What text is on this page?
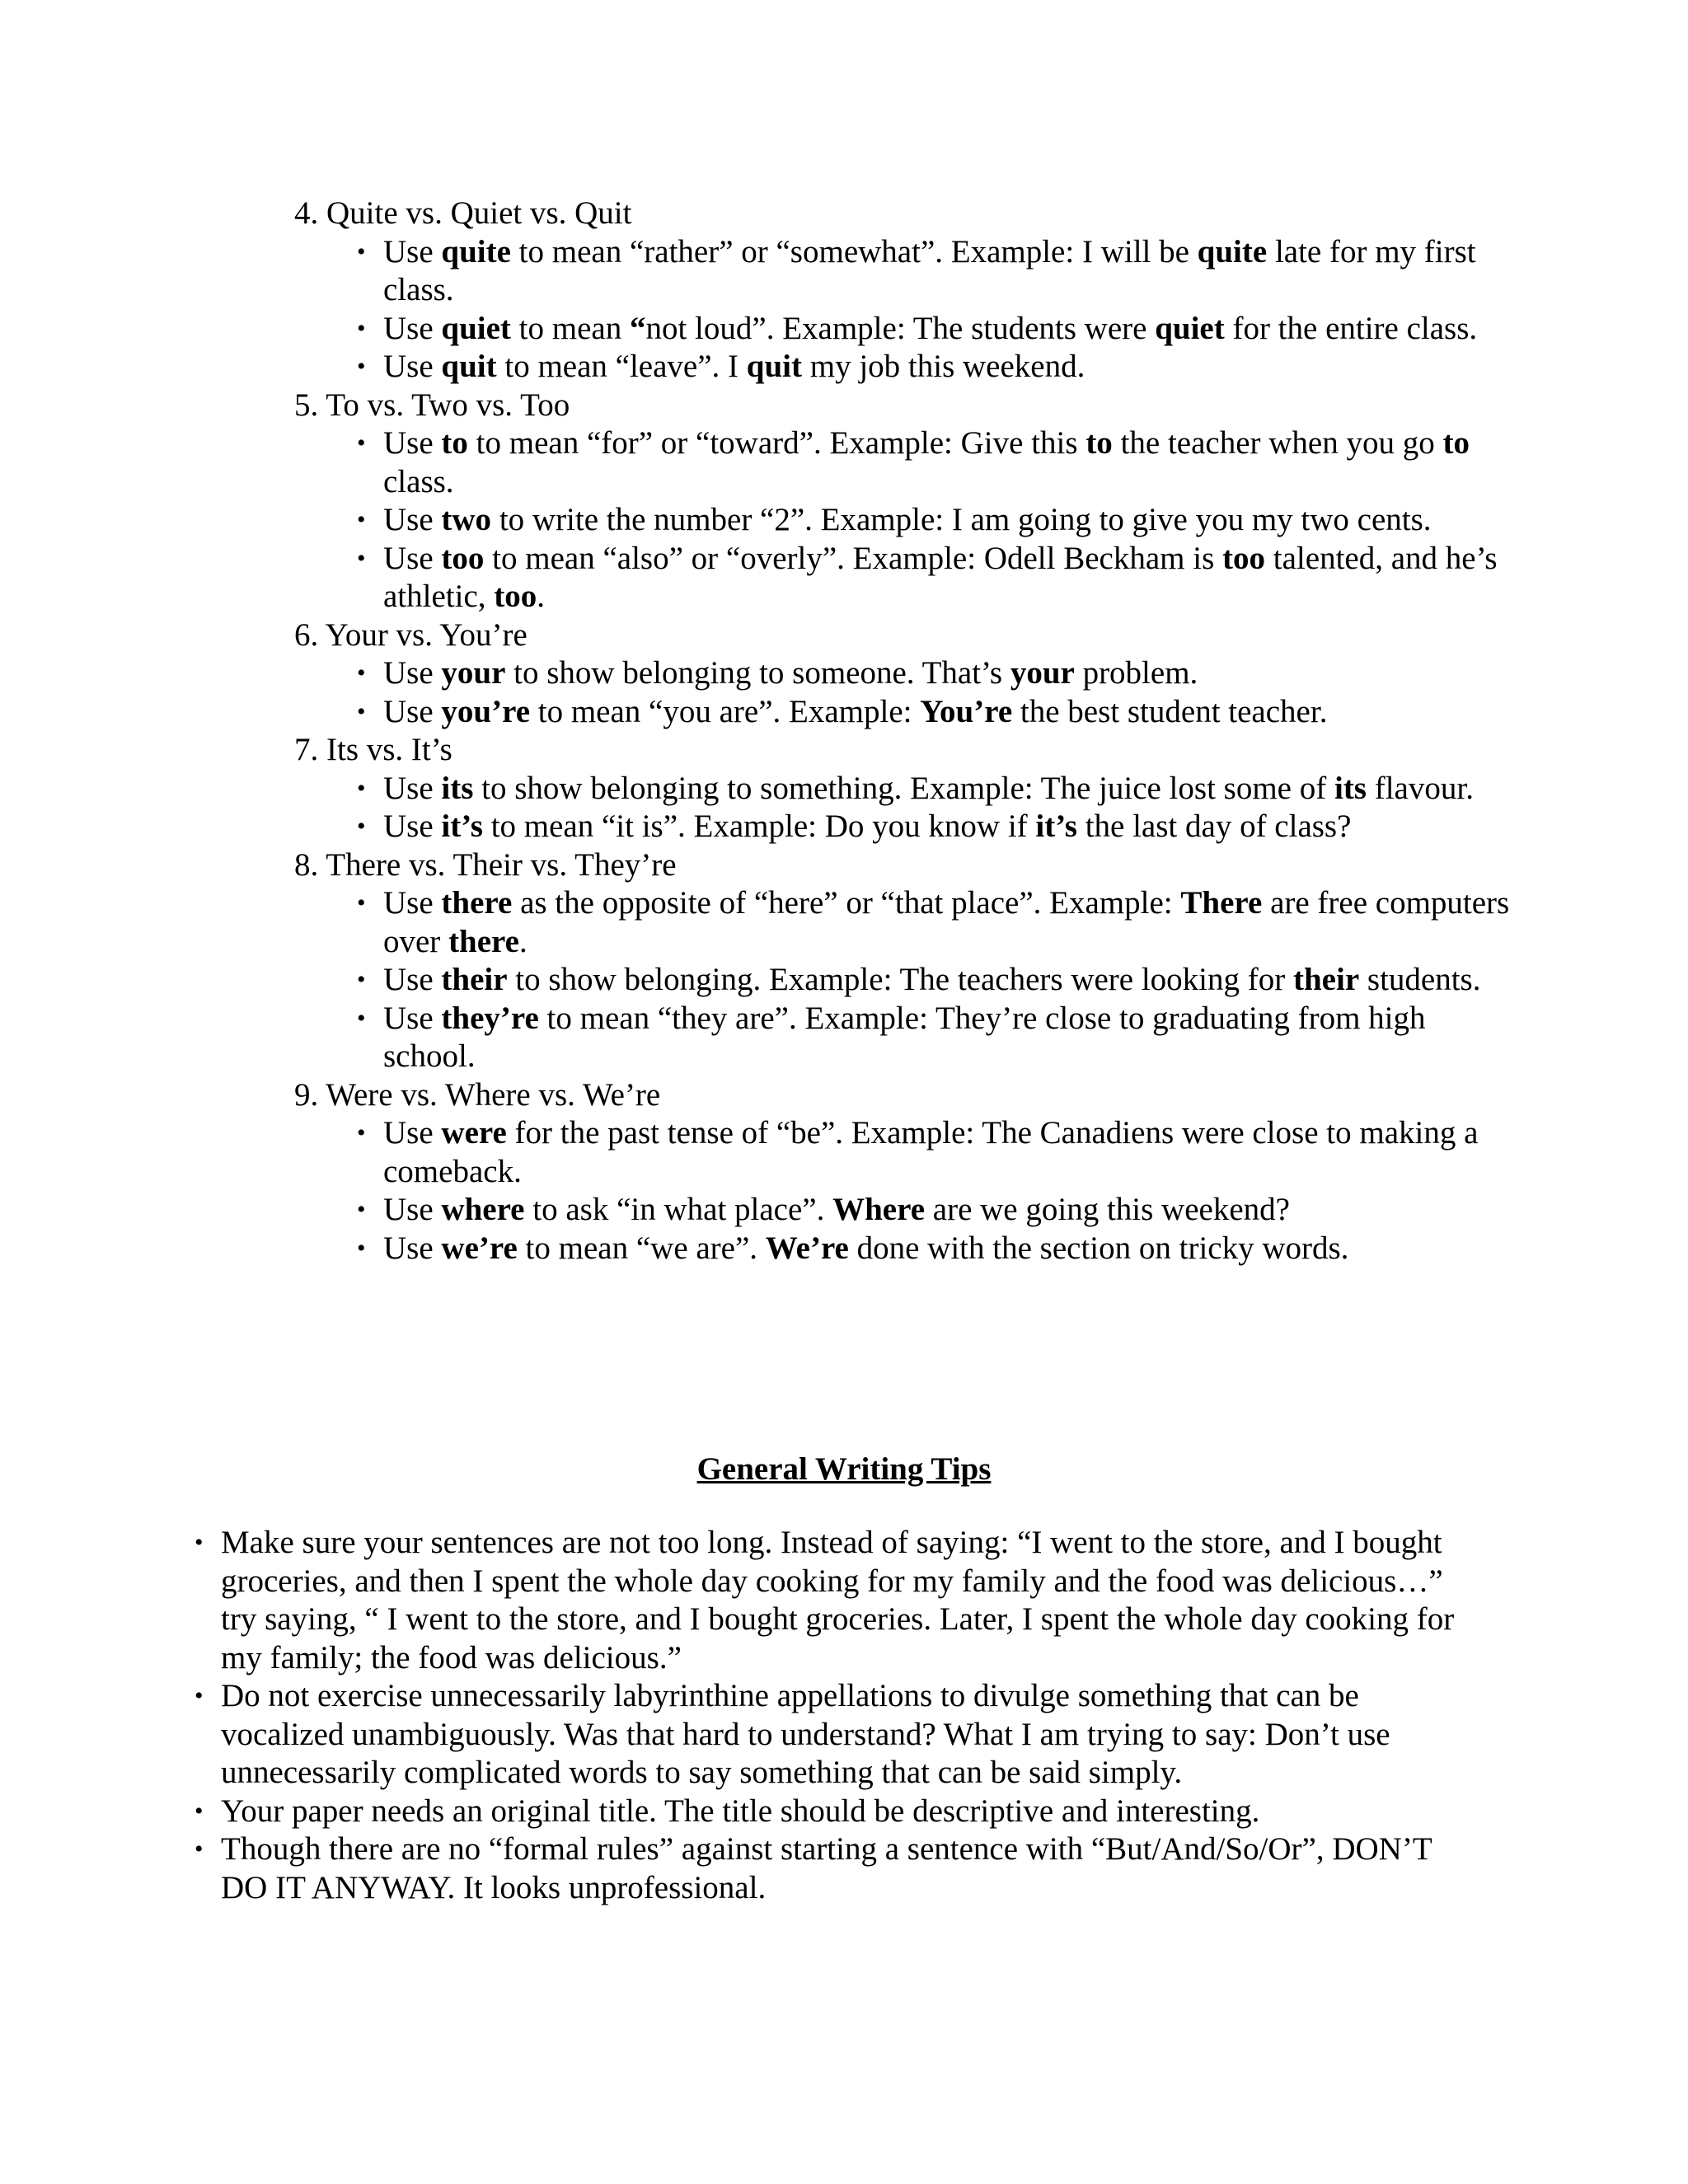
4. Quite vs. Quiet vs. Quit
• Use quite to mean “rather” or “somewhat”. Example: I will be quite late for my first class.
• Use quiet to mean “not loud”. Example: The students were quiet for the entire class.
• Use quit to mean “leave”. I quit my job this weekend.
5. To vs. Two vs. Too
• Use to to mean “for” or “toward”. Example: Give this to the teacher when you go to class.
• Use two to write the number “2”. Example: I am going to give you my two cents.
• Use too to mean “also” or “overly”. Example: Odell Beckham is too talented, and he’s athletic, too.
6. Your vs. You’re
• Use your to show belonging to someone. That’s your problem.
• Use you’re to mean “you are”. Example: You’re the best student teacher.
7. Its vs. It’s
• Use its to show belonging to something. Example: The juice lost some of its flavour.
• Use it’s to mean “it is”. Example: Do you know if it’s the last day of class?
8. There vs. Their vs. They’re
• Use there as the opposite of “here” or “that place”. Example: There are free computers over there.
• Use their to show belonging. Example: The teachers were looking for their students.
• Use they’re to mean “they are”. Example: They’re close to graduating from high school.
9. Were vs. Where vs. We’re
• Use were for the past tense of “be”. Example: The Canadiens were close to making a comeback.
• Use where to ask “in what place”. Where are we going this weekend?
• Use we’re to mean “we are”. We’re done with the section on tricky words.
General Writing Tips
• Make sure your sentences are not too long. Instead of saying: “I went to the store, and I bought groceries, and then I spent the whole day cooking for my family and the food was delicious…” try saying, “ I went to the store, and I bought groceries. Later, I spent the whole day cooking for my family; the food was delicious.”
• Do not exercise unnecessarily labyrinthine appellations to divulge something that can be vocalized unambiguously. Was that hard to understand? What I am trying to say: Don’t use unnecessarily complicated words to say something that can be said simply.
• Your paper needs an original title. The title should be descriptive and interesting.
• Though there are no “formal rules” against starting a sentence with “But/And/So/Or”, DON’T DO IT ANYWAY. It looks unprofessional.
